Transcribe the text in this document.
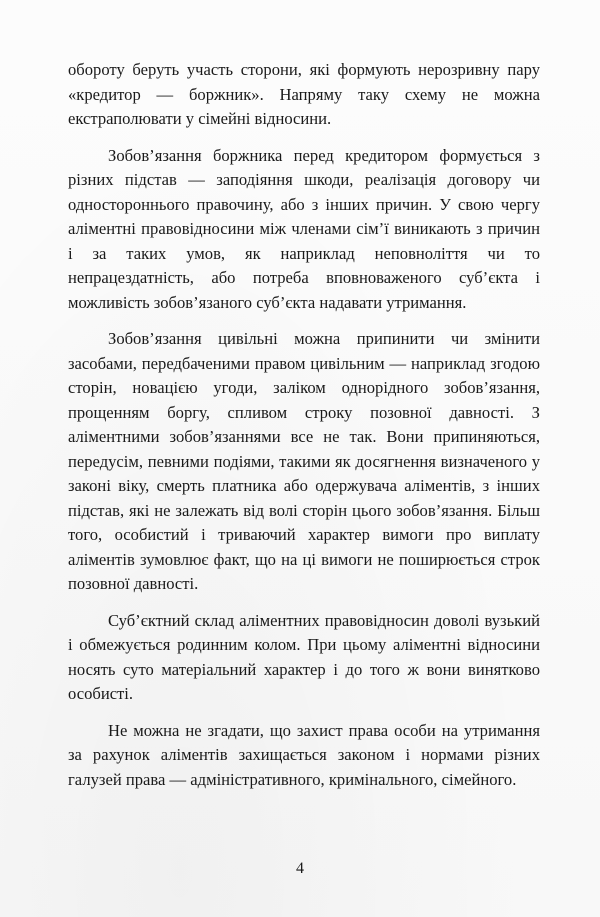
обороту беруть участь сторони, які формують нерозривну пару «кредитор — боржник». Напряму таку схему не можна екстраполювати у сімейні відносини.

Зобов’язання боржника перед кредитором формується з різних підстав — заподіяння шкоди, реалізація договору чи одностороннього правочину, або з інших причин. У свою чергу аліментні правовідносини між членами сім’ї виникають з причин і за таких умов, як наприклад неповноліття чи то непрацездатність, або потреба вповноваженого суб’єкта і можливість зобов’язаного суб’єкта надавати утримання.

Зобов’язання цивільні можна припинити чи змінити засобами, передбаченими правом цивільним — наприклад згодою сторін, новацією угоди, заліком однорідного зобов’язання, прощенням боргу, спливом строку позовної давності. З аліментними зобов’язаннями все не так. Вони припиняються, передусім, певними подіями, такими як досягнення визначеного у законі віку, смерть платника або одержувача аліментів, з інших підстав, які не залежать від волі сторін цього зобов’язання. Більш того, особистий і триваючий характер вимоги про виплату аліментів зумовлює факт, що на ці вимоги не поширюється строк позовної давності.

Суб’єктний склад аліментних правовідносин доволі вузький і обмежується родинним колом. При цьому аліментні відносини носять суто матеріальний характер і до того ж вони винятково особисті.

Не можна не згадати, що захист права особи на утримання за рахунок аліментів захищається законом і нормами різних галузей права — адміністративного, кримінального, сімейного.

4
